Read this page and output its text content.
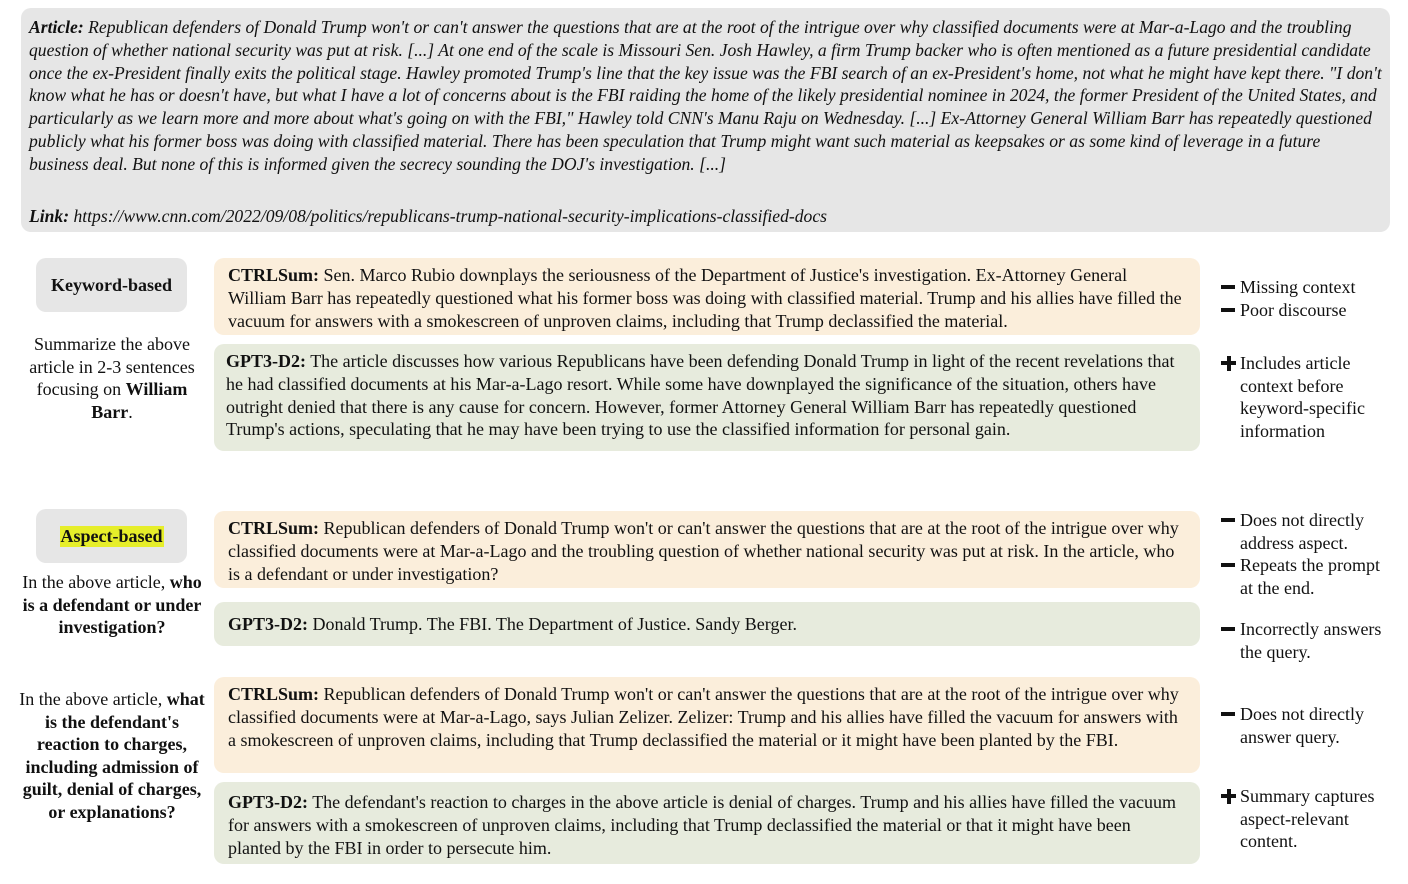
Article: Republican defenders of Donald Trump won't or can't answer the questions that are at the root of the intrigue over why classified documents were at Mar-a-Lago and the troubling question of whether national security was put at risk. [...] At one end of the scale is Missouri Sen. Josh Hawley, a firm Trump backer who is often mentioned as a future presidential candidate once the ex-President finally exits the political stage. Hawley promoted Trump's line that the key issue was the FBI search of an ex-President's home, not what he might have kept there. "I don't know what he has or doesn't have, but what I have a lot of concerns about is the FBI raiding the home of the likely presidential nominee in 2024, the former President of the United States, and particularly as we learn more and more about what's going on with the FBI," Hawley told CNN's Manu Raju on Wednesday. [...] Ex-Attorney General William Barr has repeatedly questioned publicly what his former boss was doing with classified material. There has been speculation that Trump might want such material as keepsakes or as some kind of leverage in a future business deal. But none of this is informed given the secrecy sounding the DOJ's investigation. [...]
Link: https://www.cnn.com/2022/09/08/politics/republicans-trump-national-security-implications-classified-docs
Keyword-based
Summarize the above article in 2-3 sentences focusing on William Barr.
CTRLSum: Sen. Marco Rubio downplays the seriousness of the Department of Justice's investigation. Ex-Attorney General William Barr has repeatedly questioned what his former boss was doing with classified material. Trump and his allies have filled the vacuum for answers with a smokescreen of unproven claims, including that Trump declassified the material.
GPT3-D2: The article discusses how various Republicans have been defending Donald Trump in light of the recent revelations that he had classified documents at his Mar-a-Lago resort. While some have downplayed the significance of the situation, others have outright denied that there is any cause for concern. However, former Attorney General William Barr has repeatedly questioned Trump's actions, speculating that he may have been trying to use the classified information for personal gain.
Missing context
Poor discourse
Includes article context before keyword-specific information
Aspect-based
In the above article, who is a defendant or under investigation?
CTRLSum: Republican defenders of Donald Trump won't or can't answer the questions that are at the root of the intrigue over why classified documents were at Mar-a-Lago and the troubling question of whether national security was put at risk. In the article, who is a defendant or under investigation?
GPT3-D2: Donald Trump. The FBI. The Department of Justice. Sandy Berger.
Does not directly address aspect.
Repeats the prompt at the end.
Incorrectly answers the query.
In the above article, what is the defendant's reaction to charges, including admission of guilt, denial of charges, or explanations?
CTRLSum: Republican defenders of Donald Trump won't or can't answer the questions that are at the root of the intrigue over why classified documents were at Mar-a-Lago, says Julian Zelizer. Zelizer: Trump and his allies have filled the vacuum for answers with a smokescreen of unproven claims, including that Trump declassified the material or it might have been planted by the FBI.
GPT3-D2: The defendant's reaction to charges in the above article is denial of charges. Trump and his allies have filled the vacuum for answers with a smokescreen of unproven claims, including that Trump declassified the material or that it might have been planted by the FBI in order to persecute him.
Does not directly answer query.
Summary captures aspect-relevant content.
